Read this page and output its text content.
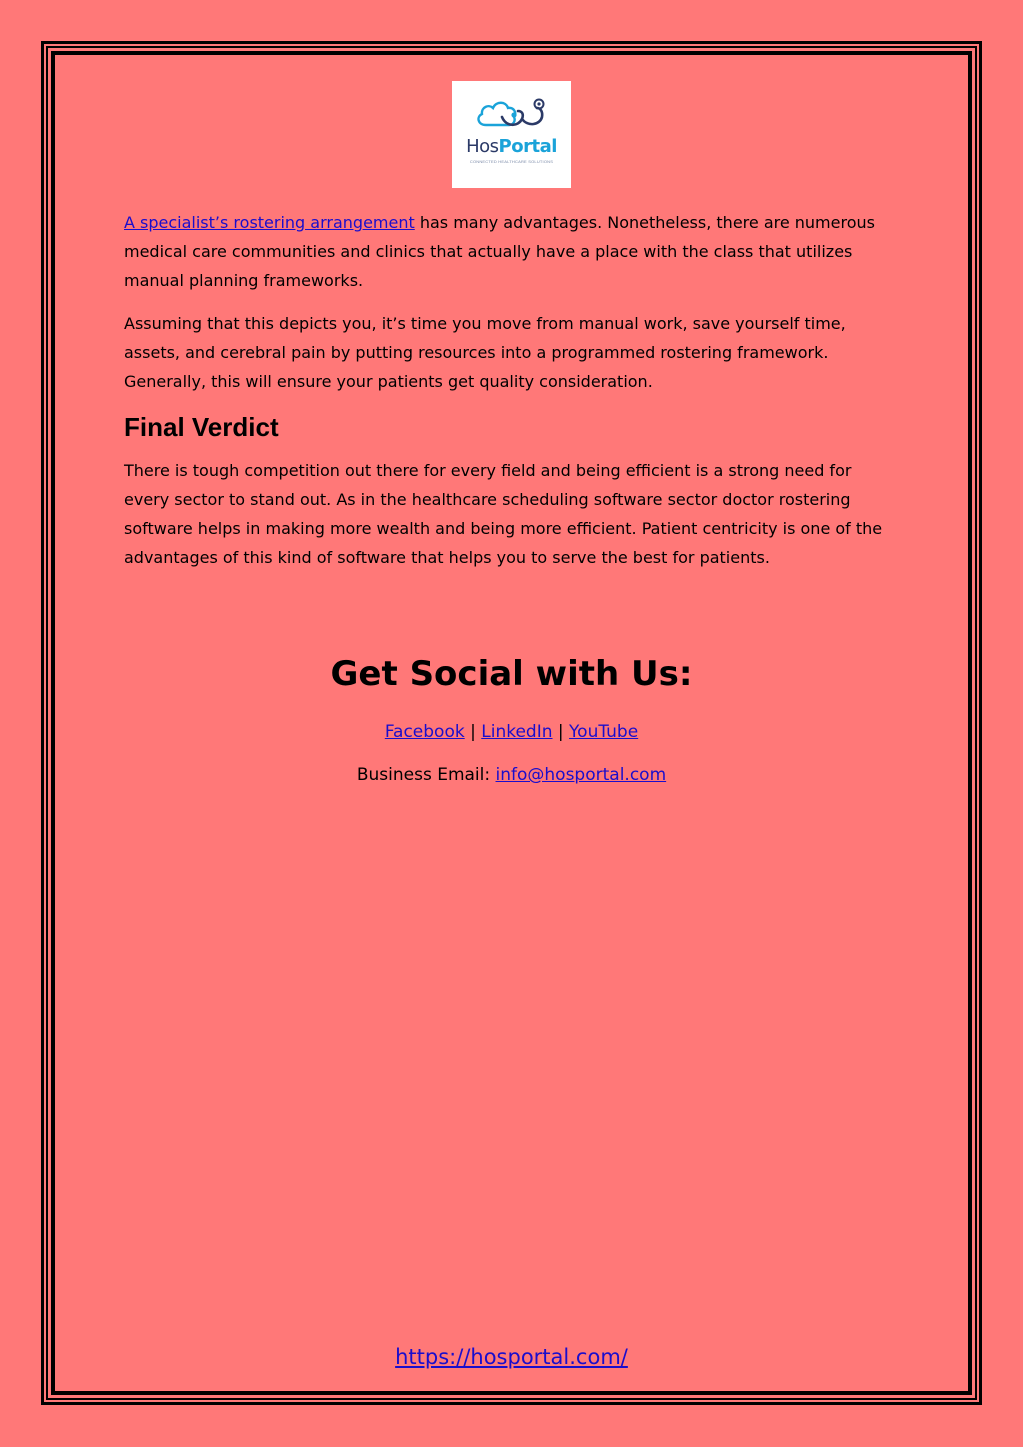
HosPortal
CONNECTED HEALTHCARE SOLUTIONS

A specialist’s rostering arrangement has many advantages. Nonetheless, there are numerous medical care communities and clinics that actually have a place with the class that utilizes manual planning frameworks.

Assuming that this depicts you, it’s time you move from manual work, save yourself time, assets, and cerebral pain by putting resources into a programmed rostering framework. Generally, this will ensure your patients get quality consideration.

Final Verdict

There is tough competition out there for every field and being efficient is a strong need for every sector to stand out. As in the healthcare scheduling software sector doctor rostering software helps in making more wealth and being more efficient. Patient centricity is one of the advantages of this kind of software that helps you to serve the best for patients.

Get Social with Us:
Facebook | LinkedIn | YouTube
Business Email: info@hosportal.com
https://hosportal.com/
